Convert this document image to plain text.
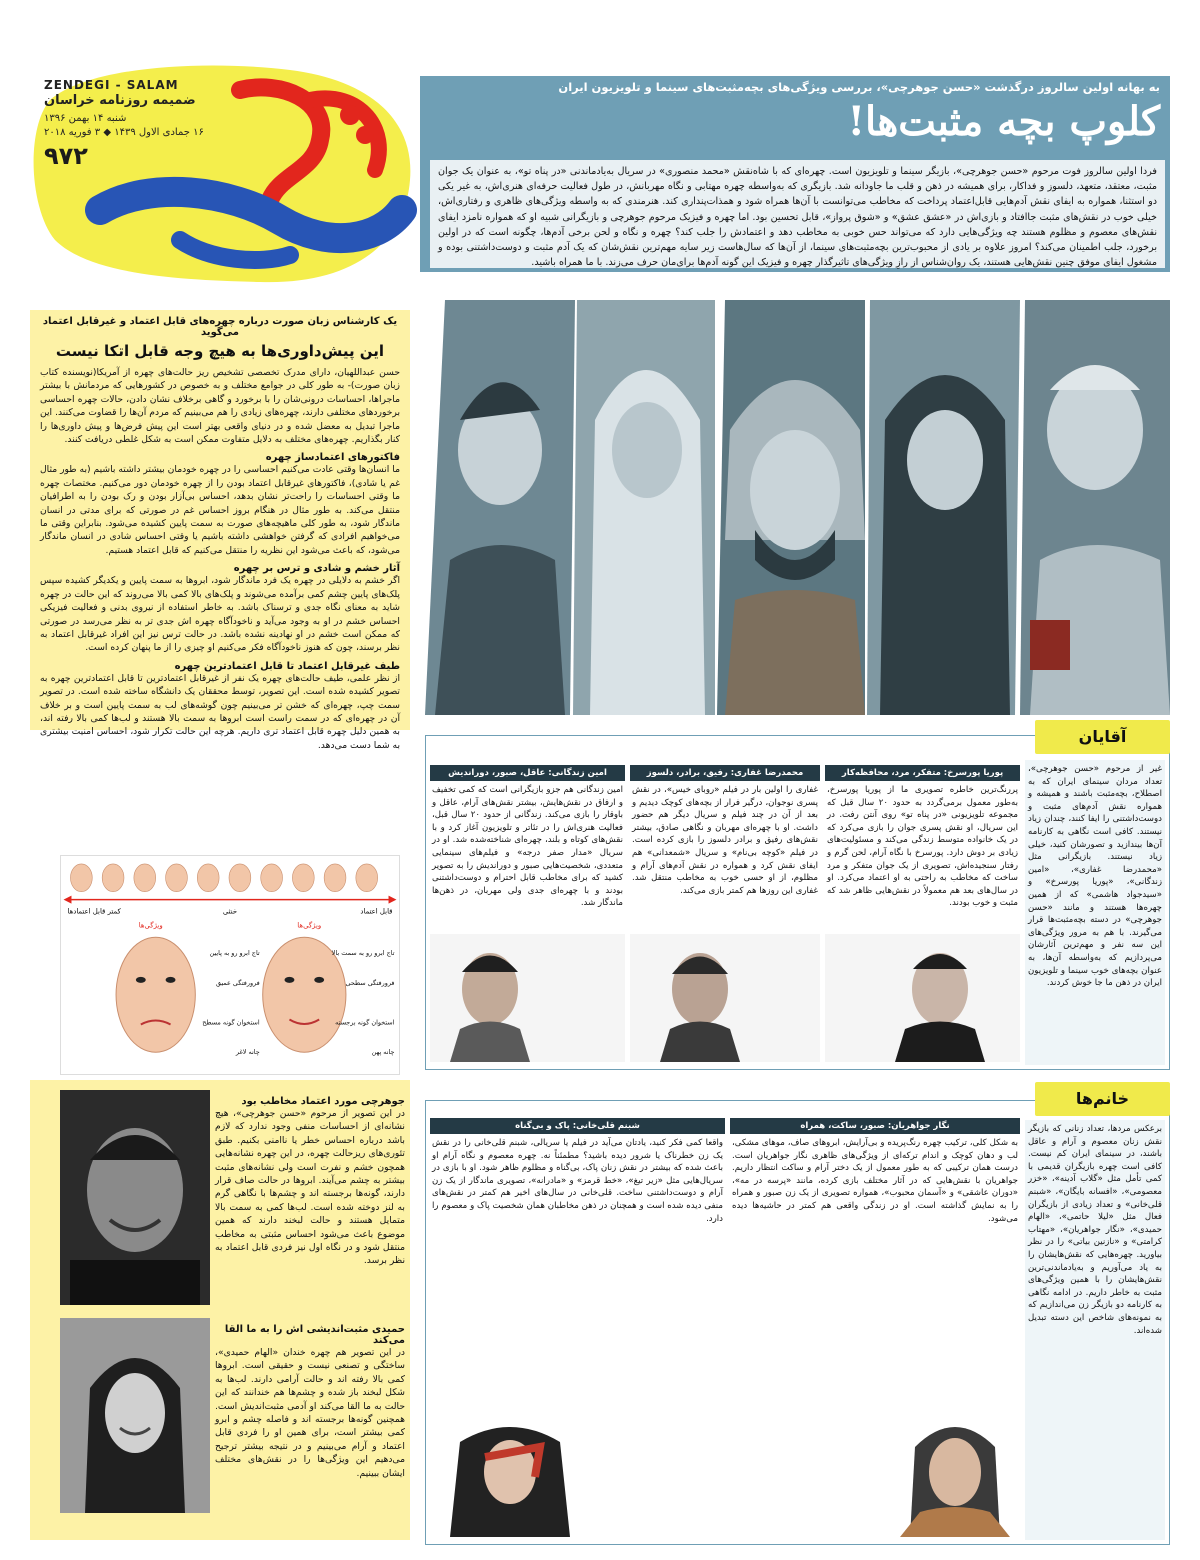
ZENDEGI - SALAM
ضمیمه روزنامه خراسان
شنبه ۱۴ بهمن ۱۳۹۶
۱۶ جمادی الاول ۱۴۳۹ ◆ ۳ فوریه ۲۰۱۸
۹۷۲
به بهانه اولین سالروز درگذشت «حسن جوهرچی»، بررسی ویژگی‌های بچه‌مثبت‌های سینما و تلویزیون ایران
کلوپ بچه مثبت‌ها!
فردا اولین سالروز فوت مرحوم «حسن جوهرچی»، بازیگر سینما و تلویزیون است. چهره‌ای که با شاه‌نقش «محمد منصوری» در سریال به‌یادماندنی «در پناه تو»، به عنوان یک جوان مثبت، معتقد، متعهد، دلسوز و فداکار، برای همیشه در ذهن و قلب ما جاودانه شد. بازیگری که به‌واسطه چهره مهتابی و نگاه مهربانش، در طول فعالیت حرفه‌ای هنری‌اش، به غیر یکی دو استثنا، همواره به ایفای نقش آدم‌هایی قابل‌اعتماد پرداخت که مخاطب می‌توانست با آن‌ها همراه شود و همذات‌پنداری کند. هنرمندی که به واسطه ویژگی‌های ظاهری و رفتاری‌اش، خیلی خوب در نقش‌های مثبت جاافتاد و بازی‌اش در «عشق عشق» و «شوق پرواز»، قابل تحسین بود. اما چهره و فیزیک مرحوم جوهرچی و بازیگرانی شبیه او که همواره نامزد ایفای نقش‌های معصوم و مظلوم هستند چه ویژگی‌هایی دارد که می‌تواند حس خوبی به مخاطب دهد و اعتمادش را جلب کند؟ چهره و نگاه و لحن برخی آدم‌ها، چگونه است که در اولین برخورد، جلب اطمینان می‌کند؟ امروز علاوه بر یادی از محبوب‌ترین بچه‌مثبت‌های سینما، از آن‌ها که سال‌هاست زیر سایه مهم‌ترین نقش‌شان که یک آدم مثبت و دوست‌داشتنی بوده و مشغول ایفای موفق چنین نقش‌هایی هستند، یک روان‌شناس از رازِ ویژگی‌های تاثیرگذار چهره و فیزیک این گونه آدم‌ها برای‌مان حرف می‌زند. با ما همراه باشید.
یک کارشناس زبان صورت درباره چهره‌های قابل اعتماد و غیرقابل اعتماد می‌گوید
این پیش‌داوری‌ها به هیچ وجه قابل اتکا نیست
حسن عبداللهیان، دارای مدرک تخصصی تشخیص ریز حالت‌های چهره از آمریکا(نویسنده کتاب زبان صورت)- به طور کلی در جوامع مختلف و به خصوص در کشورهایی که مردمانش با بیشتر ماجراها، احساسات درونی‌شان را با برخورد و گاهی برخلاف نشان دادن، حالات چهره احساسی برخوردهای مختلفی دارند، چهره‌های زیادی را هم می‌بینیم که مردم آن‌ها را قضاوت می‌کنند. این ماجرا تبدیل به معضل شده و در دنیای واقعی بهتر است این پیش فرض‌ها و پیش داوری‌ها را کنار بگذاریم. چهره‌های مختلف به دلایل متفاوت ممکن است به شکل غلطی دریافت کنند.
فاکتورهای اعتماد‌ساز چهره
ما انسان‌ها وقتی عادت می‌کنیم احساسی را در چهره خودمان بیشتر داشته باشیم (به طور مثال غم یا شادی)، فاکتورهای غیرقابل اعتماد بودن را از چهره خودمان دور می‌کنیم. مختصات چهره ما وقتی احساسات را راحت‌تر نشان بدهد، احساس بی‌آزار بودن و رک بودن را به اطرافیان منتقل می‌کند. به طور مثال در هنگام بروز احساس غم در صورتی که برای مدتی در انسان ماندگار شود، به طور کلی ماهیچه‌های صورت به سمت پایین کشیده می‌شود. بنابراین وقتی ما می‌خواهیم افرادی که گرفتن خواهشی داشته باشیم یا وقتی احساس شادی در انسان ماندگار می‌شود، که باعث می‌شود این نظریه را منتقل می‌کنیم که قابل اعتماد هستیم.
آثار خشم و شادی و ترس بر چهره
اگر خشم به دلایلی در چهره یک فرد ماندگار شود، ابروها به سمت پایین و یکدیگر کشیده سپس پلک‌های پایین چشم کمی برآمده می‌شوند و پلک‌های بالا کمی بالا می‌روند که این حالت در چهره شاید به معنای نگاه جدی و ترسناک باشد. به خاطر استفاده از نیروی بدنی و فعالیت فیزیکی احساس خشم در او به وجود می‌آید و ناخودآگاه چهره اش جدی تر به نظر می‌رسد در صورتی که ممکن است خشم در او نهادینه نشده باشد. در حالت ترس نیز این افراد غیرقابل اعتماد به نظر برسند، چون که هنوز ناخودآگاه فکر می‌کنیم او چیزی را از ما پنهان کرده است.
طیف غیرقابل اعتماد تا قابل اعتمادترین چهره
از نظر علمی، طیف حالت‌های چهره یک نفر از غیرقابل اعتمادترین تا قابل اعتمادترین چهره به تصویر کشیده شده است. این تصویر، توسط محققان یک دانشگاه ساخته شده است. در تصویر سمت چپ، چهره‌ای که خشن تر می‌بینیم چون گوشه‌های لب به سمت پایین است و بر خلاف آن در چهره‌ای که در سمت راست است ابروها به سمت بالا هستند و لب‌ها کمی بالا رفته اند، به همین دلیل چهره قابل اعتماد تری داریم. هرچه این حالت تکرار شود، احساس امنیت بیشتری به شما دست می‌دهد.
قابل اعتماد
خنثی
کمتر قابل اعتمادها
ویژگی‌ها
ویژگی‌ها
تاج ابرو رو به سمت بالا
فرورفتگی سطحی
استخوان گونه برجسته
چانه پهن
تاج ابرو رو به پایین
فرورفتگی عمیق
استخوان گونه مسطح
چانه لاغر
جوهرچی مورد اعتماد مخاطب بود
در این تصویر از مرحوم «حسن جوهرچی»، هیچ نشانه‌ای از احساسات منفی وجود ندارد که لازم باشد درباره احساس خطر یا ناامنی بکنیم. طبق تئوری‌های ریزحالت چهره، در این چهره نشانه‌هایی همچون خشم و نفرت است ولی نشانه‌های مثبت بیشتر به چشم می‌آیند. ابروها در حالت صاف قرار دارند، گونه‌ها برجسته اند و چشم‌ها با نگاهی گرم به لنز دوخته شده است. لب‌ها کمی به سمت بالا متمایل هستند و حالت لبخند دارند که همین موضوع باعث می‌شود احساس مثبتی به مخاطب منتقل شود و در نگاه اول نیز فردی قابل اعتماد به نظر برسد.
حمیدی مثبت‌اندیشی اش را به ما القا می‌کند
در این تصویر هم چهره خندان «الهام حمیدی»، ساختگی و تصنعی نیست و حقیقی است. ابروها کمی بالا رفته اند و حالت آرامی دارند. لب‌ها به شکل لبخند باز شده و چشم‌ها هم خندانند که این حالت به ما القا می‌کند او آدمی مثبت‌اندیش است. همچنین گونه‌ها برجسته اند و فاصله چشم و ابرو کمی بیشتر است، برای همین او را فردی قابل اعتماد و آرام می‌بینیم و در نتیجه بیشتر ترجیح می‌دهیم این ویژگی‌ها را در نقش‌های مختلف ایشان ببینیم.
آقایان
غیر از مرحوم «حسن جوهرچی»، تعداد مردان سینمای ایران که به اصطلاح، بچه‌مثبت باشند و همیشه و همواره نقش آدم‌های مثبت و دوست‌داشتنی را ایفا کنند، چندان زیاد نیستند. کافی است نگاهی به کارنامه آن‌ها بیندازید و تصورشان کنید، خیلی زیاد نیستند. بازیگرانی مثل «محمدرضا غفاری»، «امین زندگانی»، «پوریا پورسرخ» و «سیدجواد هاشمی» که از همین چهره‌ها هستند و مانند «حسن جوهرچی» در دسته بچه‌مثبت‌ها قرار می‌گیرند. با هم به مرور ویژگی‌های این سه نفر و مهم‌ترین آثارشان می‌پردازیم که به‌واسطه آن‌ها، به عنوان بچه‌های خوب سینما و تلویزیون ایران در ذهن ما جا خوش کردند.
پوریا پورسرخ: متفکر، مرد، محافظه‌کار
پررنگ‌ترین خاطره تصویری ما از پوریا پورسرخ، به‌طور معمول برمی‌گردد به حدود ۲۰ سال قبل که مجموعه تلویزیونی «در پناه تو» روی آنتن رفت. در این سریال، او نقش پسری جوان را بازی می‌کرد که در یک خانواده متوسط زندگی می‌کند و مسئولیت‌های زیادی بر دوش دارد. پورسرخ با نگاه آرام، لحن گرم و رفتار سنجیده‌اش، تصویری از یک جوان متفکر و مرد ساخت که مخاطب به راحتی به او اعتماد می‌کرد. او در سال‌های بعد هم معمولاً در نقش‌هایی ظاهر شد که مثبت و خوب بودند.
محمدرضا غفاری: رفیق، برادر، دلسوز
غفاری را اولین بار در فیلم «روبای خیس»، در نقش پسری نوجوان، درگیر فرار از بچه‌های کوچک دیدیم و بعد از آن در چند فیلم و سریال دیگر هم حضور داشت. او با چهره‌ای مهربان و نگاهی صادق، بیشتر نقش‌های رفیق و برادر دلسوز را بازی کرده است. در فیلم «کوچه بی‌نام» و سریال «شمعدانی» هم ایفای نقش کرد و همواره در نقش آدم‌های آرام و مظلوم، از او حسی خوب به مخاطب منتقل شد. غفاری این روزها هم کمتر بازی می‌کند.
امین زندگانی: عاقل، صبور، دوراندیش
امین زندگانی هم جزو بازیگرانی است که کمی تخفیف و ارفاق در نقش‌هایش، بیشتر نقش‌های آرام، عاقل و باوقار را بازی می‌کند. زندگانی از حدود ۲۰ سال قبل، فعالیت هنری‌اش را در تئاتر و تلویزیون آغاز کرد و با نقش‌های کوتاه و بلند، چهره‌ای شناخته‌شده شد. او در سریال «مدار صفر درجه» و فیلم‌های سینمایی متعددی، شخصیت‌هایی صبور و دوراندیش را به تصویر کشید که برای مخاطب قابل احترام و دوست‌داشتنی بودند و با چهره‌ای جدی ولی مهربان، در ذهن‌ها ماندگار شد.
خانم‌ها
برعکس مردها، تعداد زنانی که بازیگر نقش زنان معصوم و آرام و عاقل باشند، در سینمای ایران کم نیست. کافی است چهره بازیگران قدیمی با کمی تأمل مثل «گلاب آدینه»، «خزر معصومی»، «افسانه بایگان»، «شبنم قلی‌خانی» و تعداد زیادی از بازیگران فعال مثل «لیلا حاتمی»، «الهام حمیدی»، «نگار جواهریان»، «مهتاب کرامتی» و «نازنین بیاتی» را در نظر بیاورید. چهره‌هایی که نقش‌هایشان را به یاد می‌آوریم و به‌یادماندنی‌ترین نقش‌هایشان را با همین ویژگی‌های مثبت به خاطر داریم. در ادامه نگاهی به کارنامه دو بازیگر زن می‌اندازیم که به نمونه‌های شاخص این دسته تبدیل شده‌اند.
نگار جواهریان: صبور، ساکت، همراه
به شکل کلی، ترکیب چهره رنگ‌پریده و بی‌آرایش، ابروهای صاف، موهای مشکی، لب و دهان کوچک و اندام ترکه‌ای از ویژگی‌های ظاهری نگار جواهریان است. درست همان ترکیبی که به طور معمول از یک دختر آرام و ساکت انتظار داریم. جواهریان با نقش‌هایی که در آثار مختلف بازی کرده، مانند «پرسه در مه»، «دوران عاشقی» و «آسمان محبوب»، همواره تصویری از یک زن صبور و همراه را به نمایش گذاشته است. او در زندگی واقعی هم کمتر در حاشیه‌ها دیده می‌شود.
شبنم قلی‌خانی: پاک و بی‌گناه
واقعا کمی فکر کنید، یادتان می‌آید در فیلم یا سریالی، شبنم قلی‌خانی را در نقش یک زن خطرناک یا شرور دیده باشید؟ مطمئناً نه. چهره معصوم و نگاه آرام او باعث شده که بیشتر در نقش زنان پاک، بی‌گناه و مظلوم ظاهر شود. او با بازی در سریال‌هایی مثل «زیر تیغ»، «خط قرمز» و «مادرانه»، تصویری ماندگار از یک زن آرام و دوست‌داشتنی ساخت. قلی‌خانی در سال‌های اخیر هم کمتر در نقش‌های منفی دیده شده است و همچنان در ذهن مخاطبان همان شخصیت پاک و معصوم را دارد.
